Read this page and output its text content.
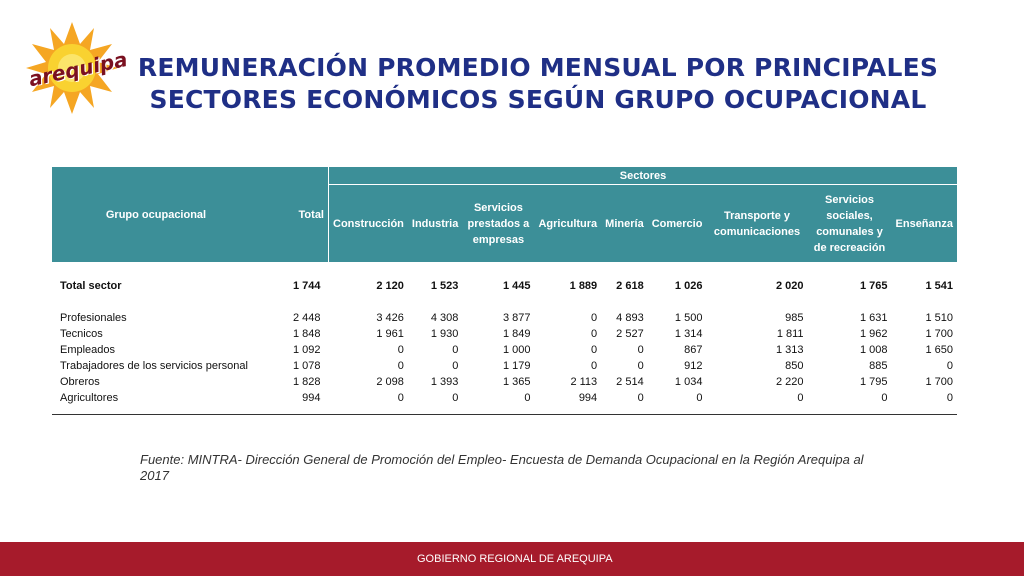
arequipa REMUNERACIÓN PROMEDIO MENSUAL POR PRINCIPALES
SECTORES ECONÓMICOS SEGÚN GRUPO OCUPACIONAL
Grupo ocupacional	Total	Sectores								
		Construcción	Industria	Servicios prestados a empresas	Agricultura	Minería	Comercio	Transporte y comunicaciones	Servicios sociales, comunales y de recreación	Enseñanza

Total sector	1 744	2 120	1 523	1 445	1 889	2 618	1 026	2 020	1 765	1 541

Profesionales	2 448	3 426	4 308	3 877	0	4 893	1 500	985	1 631	1 510
Tecnicos	1 848	1 961	1 930	1 849	0	2 527	1 314	1 811	1 962	1 700
Empleados	1 092	0	0	1 000	0	0	867	1 313	1 008	1 650
Trabajadores de los servicios personal	1 078	0	0	1 179	0	0	912	850	885	0
Obreros	1 828	2 098	1 393	1 365	2 113	2 514	1 034	2 220	1 795	1 700
Agricultores	994	0	0	0	994	0	0	0	0	0
Fuente: MINTRA- Dirección General de Promoción del Empleo- Encuesta de Demanda Ocupacional en la Región Arequipa al 2017
GOBIERNO REGIONAL DE AREQUIPA
